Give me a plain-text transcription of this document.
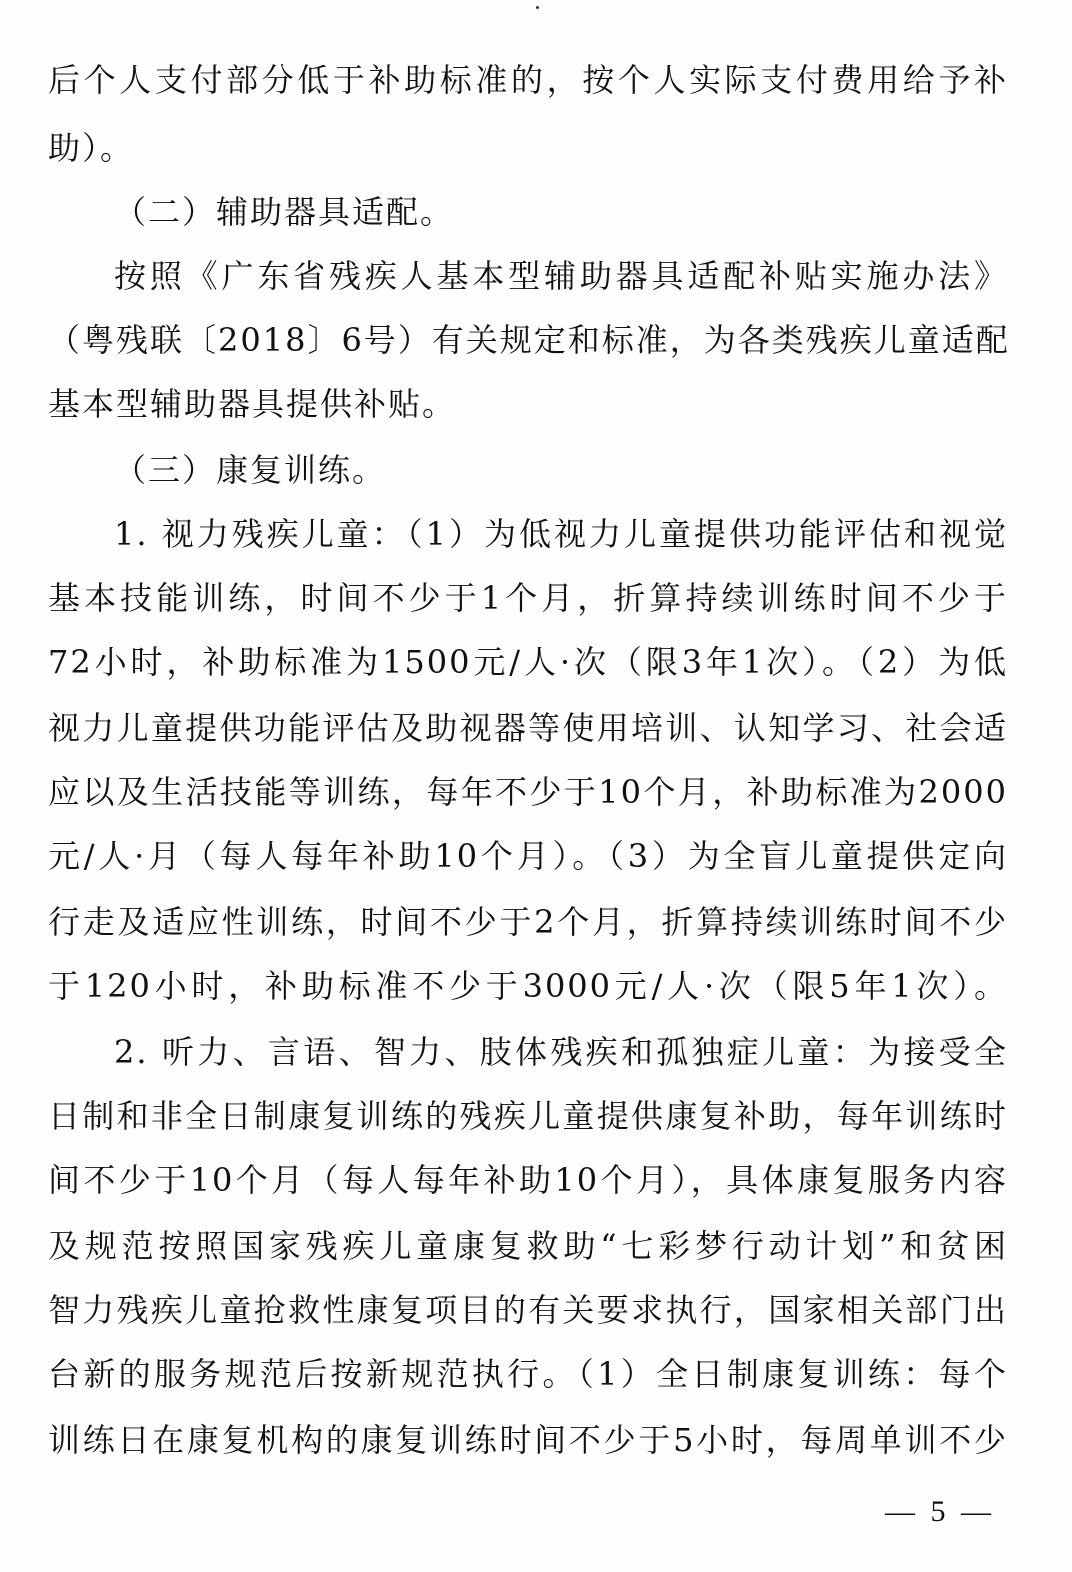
后个人支付部分低于补助标准的，按个人实际支付费用给予补
助）。
（二）辅助器具适配。
按照《广东省残疾人基本型辅助器具适配补贴实施办法》
（粤残联〔2018〕6号）有关规定和标准，为各类残疾儿童适配
基本型辅助器具提供补贴。
（三）康复训练。
1. 视力残疾儿童：（1）为低视力儿童提供功能评估和视觉
基本技能训练，时间不少于1个月，折算持续训练时间不少于
72小时，补助标准为1500元/人·次（限3年1次）。（2）为低
视力儿童提供功能评估及助视器等使用培训、认知学习、社会适
应以及生活技能等训练，每年不少于10个月，补助标准为2000
元/人·月（每人每年补助10个月）。（3）为全盲儿童提供定向
行走及适应性训练，时间不少于2个月，折算持续训练时间不少
于120小时，补助标准不少于3000元/人·次（限5年1次）。
2. 听力、言语、智力、肢体残疾和孤独症儿童：为接受全
日制和非全日制康复训练的残疾儿童提供康复补助，每年训练时
间不少于10个月（每人每年补助10个月），具体康复服务内容
及规范按照国家残疾儿童康复救助“七彩梦行动计划”和贫困
智力残疾儿童抢救性康复项目的有关要求执行，国家相关部门出
台新的服务规范后按新规范执行。（1）全日制康复训练：每个
训练日在康复机构的康复训练时间不少于5小时，每周单训不少
— 5 —
